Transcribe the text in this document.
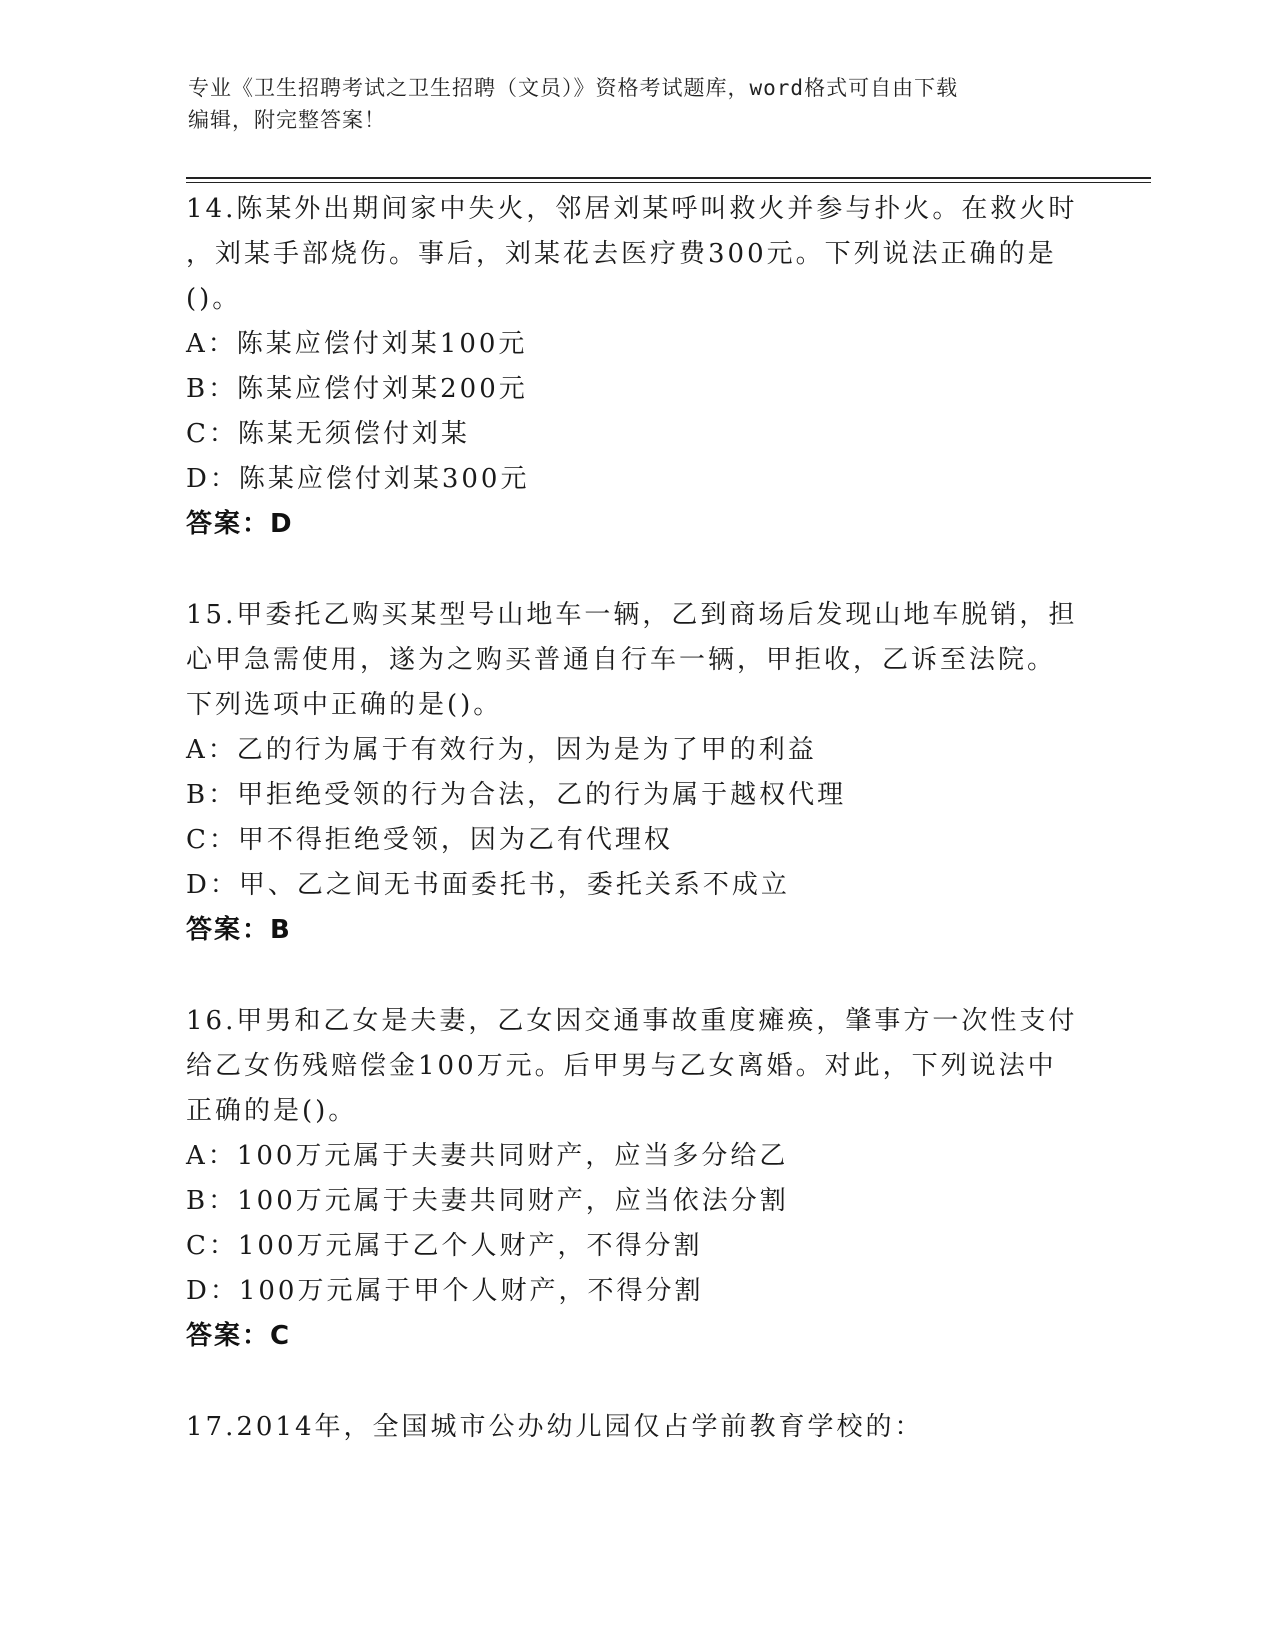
专业《卫生招聘考试之卫生招聘（文员）》资格考试题库，word格式可自由下载
编辑，附完整答案！
14.陈某外出期间家中失火，邻居刘某呼叫救火并参与扑火。在救火时
，刘某手部烧伤。事后，刘某花去医疗费300元。下列说法正确的是
()。
A：陈某应偿付刘某100元
B：陈某应偿付刘某200元
C：陈某无须偿付刘某
D：陈某应偿付刘某300元
答案：D
15.甲委托乙购买某型号山地车一辆，乙到商场后发现山地车脱销，担
心甲急需使用，遂为之购买普通自行车一辆，甲拒收，乙诉至法院。
下列选项中正确的是()。
A：乙的行为属于有效行为，因为是为了甲的利益
B：甲拒绝受领的行为合法，乙的行为属于越权代理
C：甲不得拒绝受领，因为乙有代理权
D：甲、乙之间无书面委托书，委托关系不成立
答案：B
16.甲男和乙女是夫妻，乙女因交通事故重度瘫痪，肇事方一次性支付
给乙女伤残赔偿金100万元。后甲男与乙女离婚。对此，下列说法中
正确的是()。
A：100万元属于夫妻共同财产，应当多分给乙
B：100万元属于夫妻共同财产，应当依法分割
C：100万元属于乙个人财产，不得分割
D：100万元属于甲个人财产，不得分割
答案：C
17.2014年，全国城市公办幼儿园仅占学前教育学校的：
